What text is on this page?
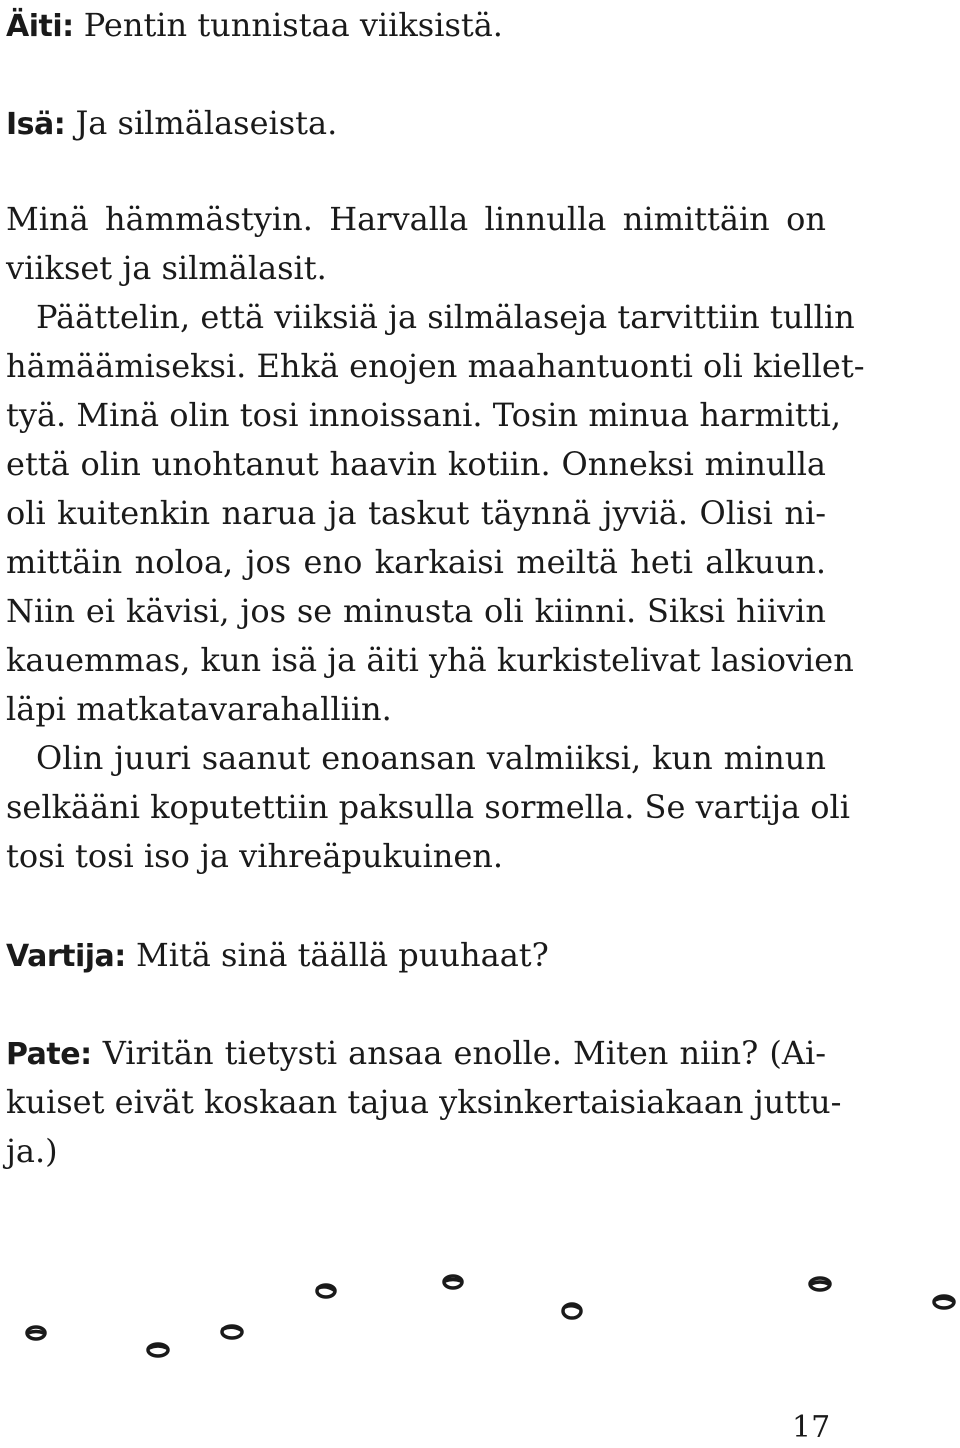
Äiti: Pentin tunnistaa viiksistä.
Isä: Ja silmälaseista.
Minä hämmästyin. Harvalla linnulla nimittäin on
viikset ja silmälasit.
Päättelin, että viiksiä ja silmälaseja tarvittiin tullin
hämäämiseksi. Ehkä enojen maahantuonti oli kiellet-
tyä. Minä olin tosi innoissani. Tosin minua harmitti,
että olin unohtanut haavin kotiin. Onneksi minulla
oli kuitenkin narua ja taskut täynnä jyviä. Olisi ni-
mittäin noloa, jos eno karkaisi meiltä heti alkuun.
Niin ei kävisi, jos se minusta oli kiinni. Siksi hiivin
kauemmas, kun isä ja äiti yhä kurkistelivat lasiovien
läpi matkatavarahalliin.
Olin juuri saanut enoansan valmiiksi, kun minun
selkääni koputettiin paksulla sormella. Se vartija oli
tosi tosi iso ja vihreäpukuinen.
Vartija: Mitä sinä täällä puuhaat?
Pate: Viritän tietysti ansaa enolle. Miten niin? (Ai-
kuiset eivät koskaan tajua yksinkertaisiakaan juttu-
ja.)
17
